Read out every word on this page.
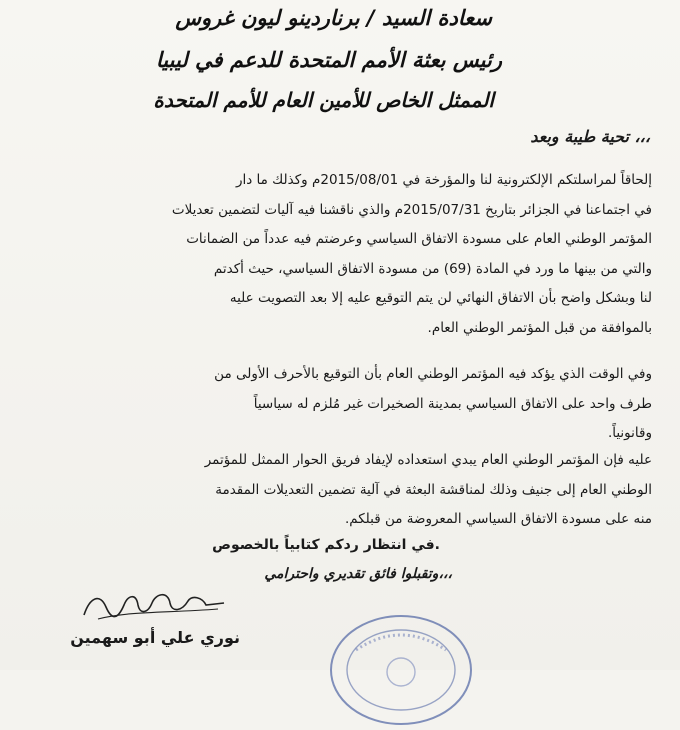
سعادة السيد / برناردينو ليون غروس
رئيس بعثة الأمم المتحدة للدعم في ليبيا
الممثل الخاص للأمين العام للأمم المتحدة
تحية طيبة وبعد ،،،
إلحاقاً لمراسلتكم الإلكترونية لنا والمؤرخة في 2015/08/01م وكذلك ما دار
في اجتماعنا في الجزائر بتاريخ 2015/07/31م والذي ناقشنا فيه آليات لتضمين تعديلات
المؤتمر الوطني العام على مسودة الاتفاق السياسي وعرضتم فيه عدداً من الضمانات
والتي من بينها ما ورد في المادة (69) من مسودة الاتفاق السياسي، حيث أكدتم
لنا وبشكل واضح بأن الاتفاق النهائي لن يتم التوقيع عليه إلا بعد التصويت عليه
بالموافقة من قبل المؤتمر الوطني العام.
وفي الوقت الذي يؤكد فيه المؤتمر الوطني العام بأن التوقيع بالأحرف الأولى من
طرف واحد على الاتفاق السياسي بمدينة الصخيرات غير مُلزم له سياسياً
وقانونياً.
عليه فإن المؤتمر الوطني العام يبدي استعداده لإيفاد فريق الحوار الممثل للمؤتمر
الوطني العام إلى جنيف وذلك لمناقشة البعثة في آلية تضمين التعديلات المقدمة
منه على مسودة الاتفاق السياسي المعروضة من قبلكم.
في انتظار ردكم كتابياً بالخصوص.
وتقبلوا فائق تقديري واحترامي،،،
نوري علي أبو سهمين
